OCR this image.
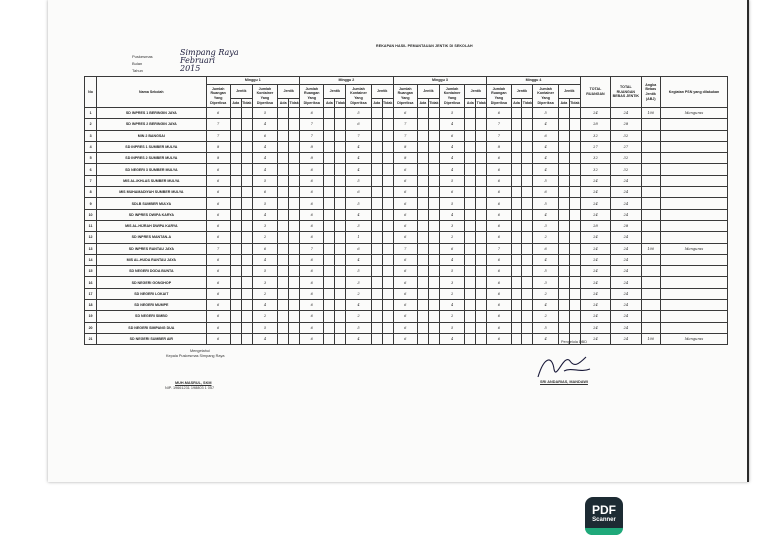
REKAPAN HASIL PEMANTAUAN JENTIK DI SEKOLAH
Puskesmas	Simpang Raya
Bulan	Februari
Tahun	2015
No	Nama Sekolah	Minggu 1						Minggu 2						Minggu 3						Minggu 4						TOTAL RUANGAN	TOTAL RUANGAN BEBAS JENTIK	Angka Bebas Jentik (ABJ)	Kegiatan PSN yang dilakukan
		Jumlah Ruangan Yang Diperiksa	Jentik		Jumlah Kontainer Yang Diperiksa	Jentik		Jumlah Ruangan Yang Diperiksa	Jentik		Jumlah Kontainer Yang Diperiksa	Jentik		Jumlah Ruangan Yang Diperiksa	Jentik		Jumlah Kontainer Yang Diperiksa	Jentik		Jumlah Ruangan Yang Diperiksa	Jentik		Jumlah Kontainer Yang Diperiksa	Jentik					
			Ada	Tidak		Ada	Tidak		Ada	Tidak		Ada	Tidak		Ada	Tidak		Ada	Tidak		Ada	Tidak		Ada	Tidak				
1	SD INPRES 1 BERINGIN JAYA	6			5			6			5			6			5			6			5			24	24	100	Menguras
2	SD INPRES 2 BERINGIN JAYA	7			4			7			6			7			4			7			4			28	28		
3	MIN 2 BANGSAI	7			6			7			7			7			6			7			6			32	32		
4	SD INPRES 1 SUMBER MULYA	8			4			8			4			8			4			8			4			27	27		
5	SD INPRES 2 SUMBER MULYA	8			4			8			4			8			4			6			4			32	32		
6	SD NEGERI 3 SUMBER MULYA	6			4			6			4			6			4			6			4			32	32		
7	MIS AL-IKHLAS SUMBER MULYA	6			5			6			5			6			5			6			5			24	24		
8	MIS MUHAMADIYAH SUMBER MULYA	6			6			6			6			6			6			6			6			24	24		
9	SDLB SUMBER MULYA	6			5			6			5			6			5			6			5			24	24		
10	SD INPRES DWIPA KARYA	6			4			6			4			6			4			6			4			24	24		
11	MIS AL-HIJRAH DWIPA KARYA	6			3			6			3			6			3			6			3			28	28		
12	SD INPRES MANTAN-A	6			2			6			1			6			2			6			2			24	24		
13	SD INPRES RANTAU JAYA	7			6			7			6			7			6			7			6			24	24	100	Menguras
14	MIS AL-HUDA RANTAU JAYA	6			4			6			4			6			4			6			4			24	24		
15	SD NEGERI DODA BUNTA	6			5			6			5			6			5			6			5			24	24		
16	SD NEGERI GONOHOP	6			3			6			3			6			3			6			3			24	24		
17	SD NEGERI LOKAIT	6			2			6			2			6			2			6			2			24	24		
18	SD NEGERI MUMPE	6			4			6			4			6			4			6			4			24	24		
19	SD NEGERI SIMBO	6			2			6			2			6			2			6			2			24	24		
20	SD NEGERI SIMPANG DUA	6			5			6			5			6			5			6			5			24	24		
21	SD NEGERI SUMBER AIR	6			4			6			4			6			4			6			4			24	24	100	Menguras
Mengetahui
Kepala Puskesmas Simpang Raya
MUH.MASRUL, SKM
NIP. 19661231 198803 1 057
Pengelola DBD
SRI ANDARIAS, MANDAWI
PDF
Scanner
